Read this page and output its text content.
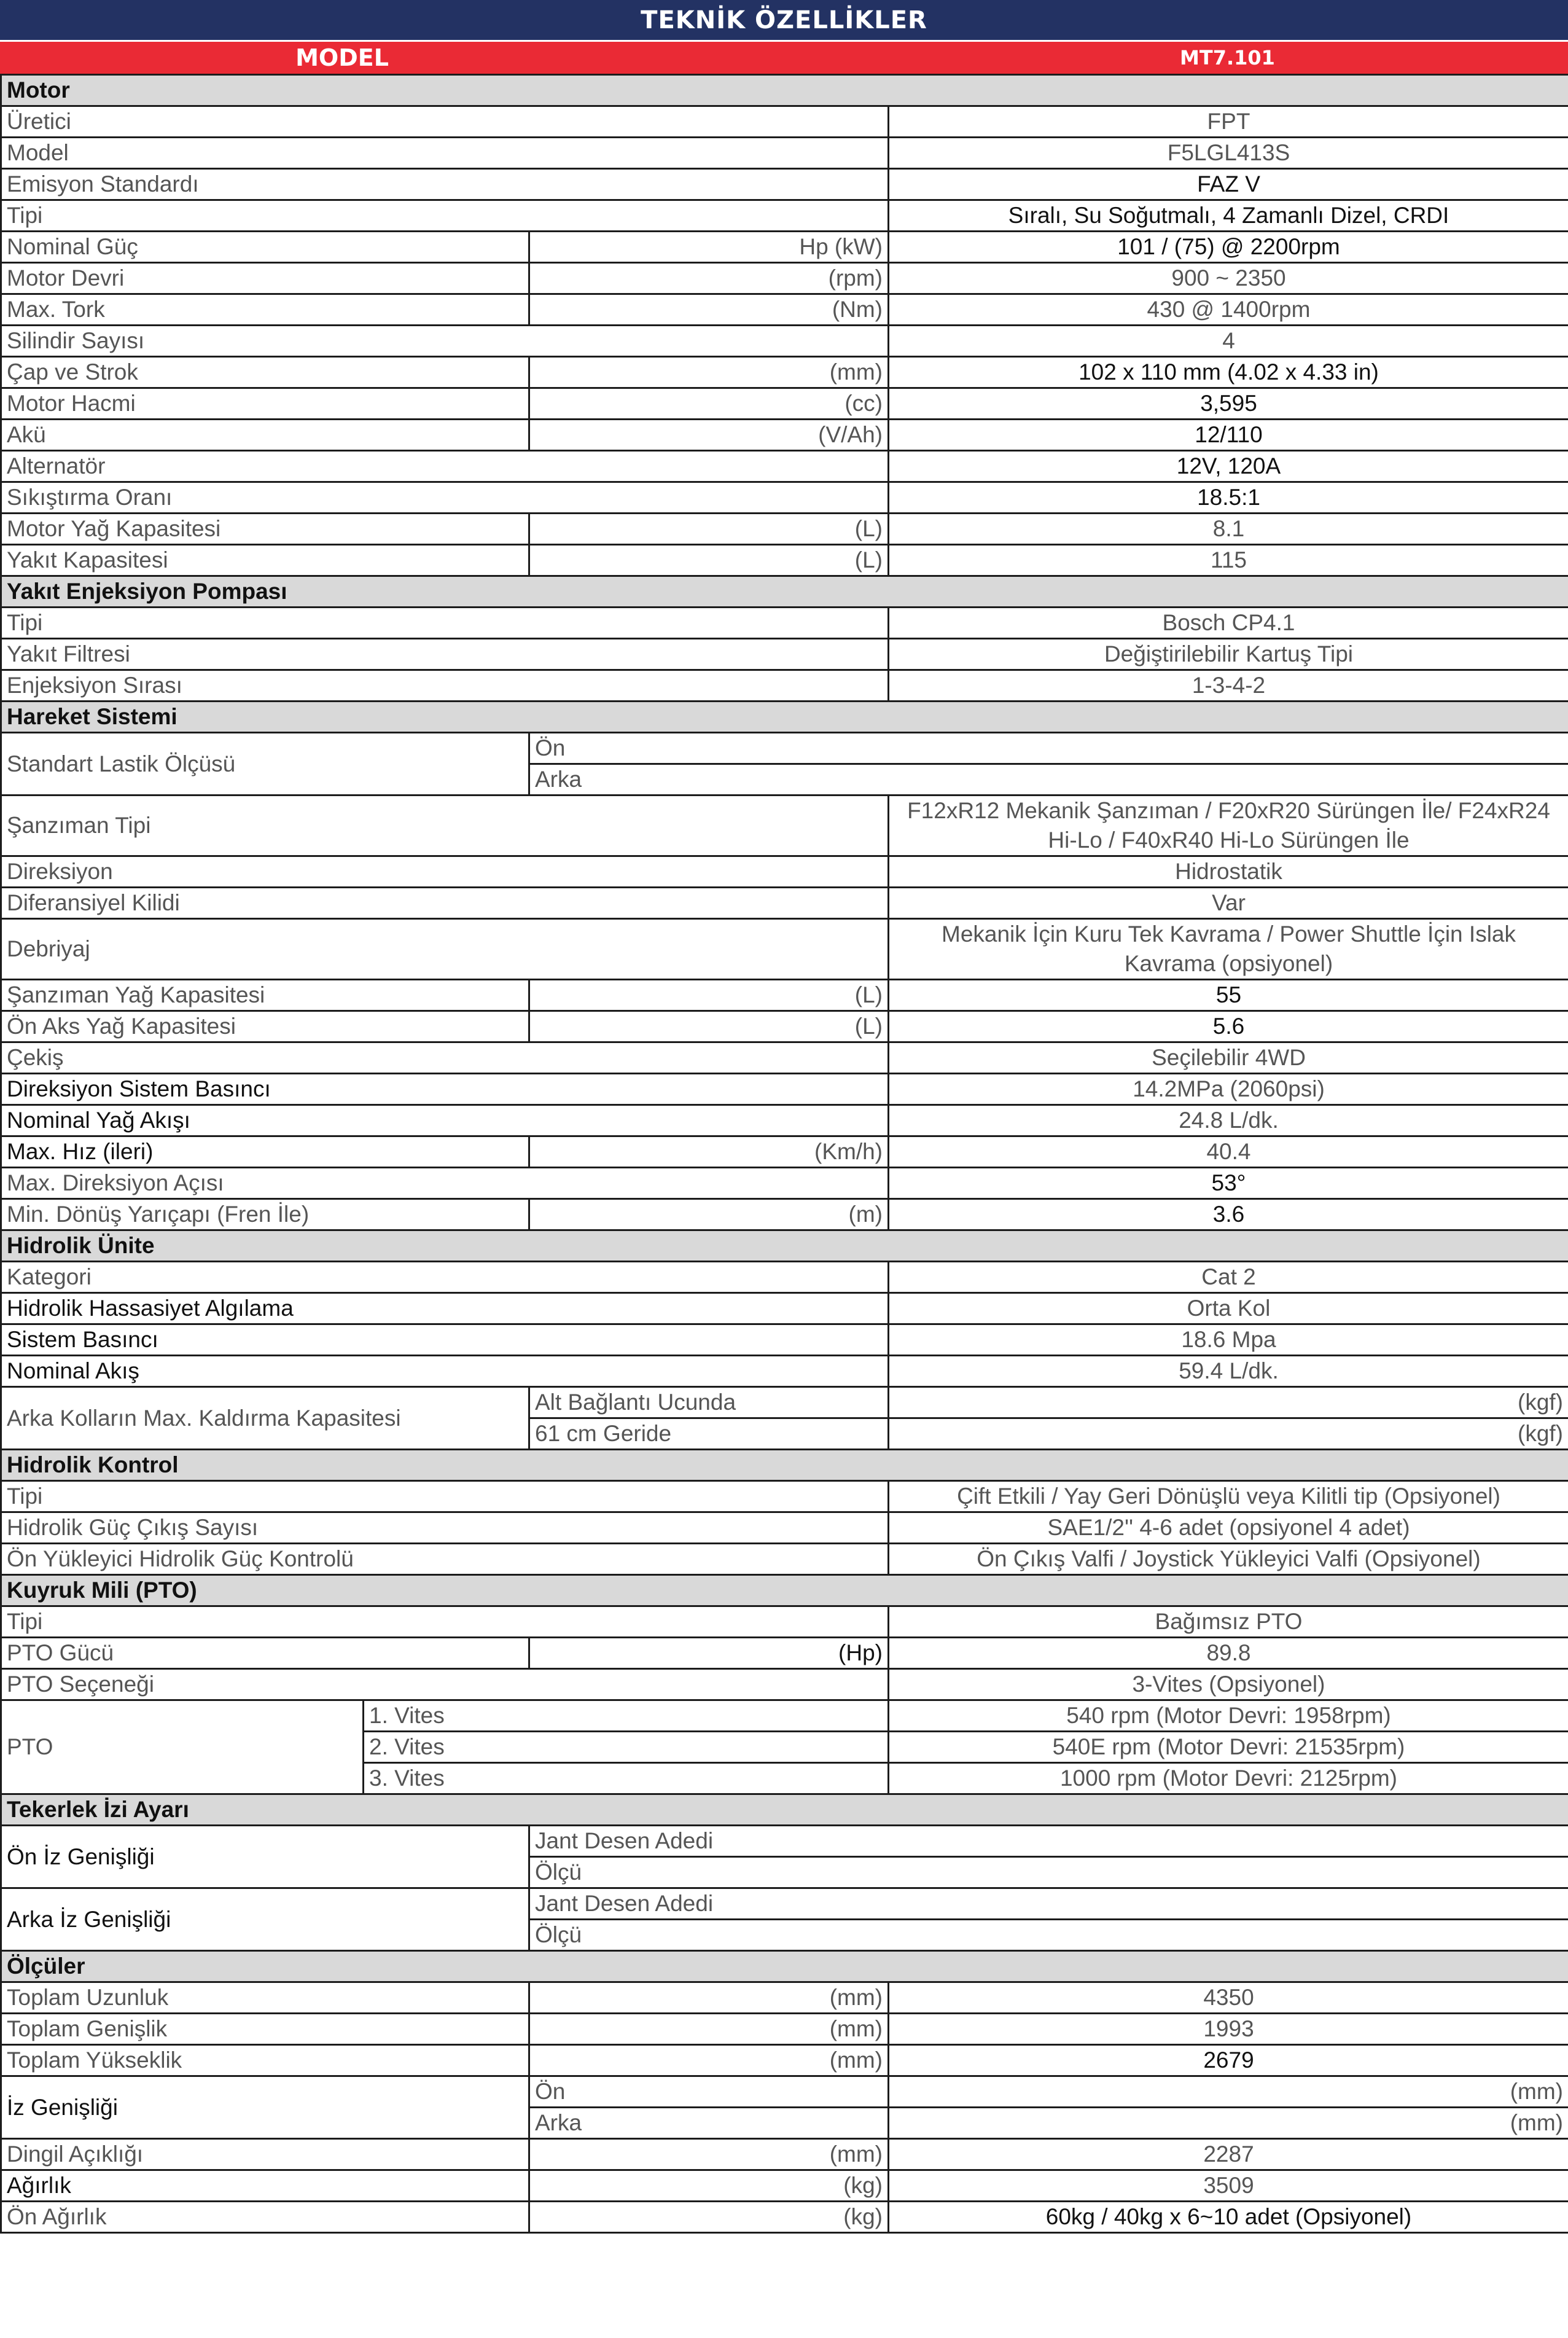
TEKNİK ÖZELLİKLER
MODEL	MT7.101
Motor				
Üretici			FPT	
Model			F5LGL413S	
Emisyon Standardı			FAZ V	
Tipi			Sıralı, Su Soğutmalı, 4 Zamanlı Dizel, CRDI	
Nominal Güç		Hp (kW)	101 / (75) @ 2200rpm	
Motor Devri		(rpm)	900 ~ 2350	
Max. Tork		(Nm)	430 @ 1400rpm	
Silindir Sayısı			4	
Çap ve Strok		(mm)	102 x 110 mm (4.02 x 4.33 in)	
Motor Hacmi		(cc)	3,595	
Akü		(V/Ah)	12/110	
Alternatör			12V, 120A	
Sıkıştırma Oranı			18.5:1	
Motor Yağ Kapasitesi		(L)	8.1	
Yakıt Kapasitesi		(L)	115	
Yakıt Enjeksiyon Pompası				
Tipi			Bosch CP4.1	
Yakıt Filtresi			Değiştirilebilir Kartuş Tipi	
Enjeksiyon Sırası			1-3-4-2	
Hareket Sistemi				
Standart Lastik Ölçüsü		Ön	
		Arka	
Şanzıman Tipi			F12xR12 Mekanik Şanzıman / F20xR20 Sürüngen İle/ F24xR24 Hi-Lo / F40xR40 Hi-Lo Sürüngen İle	
Direksiyon			Hidrostatik	
Diferansiyel Kilidi			Var	
Debriyaj			Mekanik İçin Kuru Tek Kavrama / Power Shuttle İçin Islak Kavrama (opsiyonel)	
Şanzıman Yağ Kapasitesi		(L)	55	
Ön Aks Yağ Kapasitesi		(L)	5.6	
Çekiş			Seçilebilir 4WD	
Direksiyon Sistem Basıncı			14.2MPa (2060psi)	
Nominal Yağ Akışı			24.8 L/dk.	
Max. Hız (ileri)		(Km/h)	40.4	
Max. Direksiyon Açısı			53°	
Min. Dönüş Yarıçapı (Fren İle)		(m)	3.6	
Hidrolik Ünite				
Kategori			Cat 2	
Hidrolik Hassasiyet Algılama			Orta Kol	
Sistem Basıncı			18.6 Mpa	
Nominal Akış			59.4 L/dk.	
Arka Kolların Max. Kaldırma Kapasitesi		Alt Bağlantı Ucunda	(kgf)	
		61 cm Geride	(kgf)	
Hidrolik Kontrol				
Tipi			Çift Etkili / Yay Geri Dönüşlü veya Kilitli tip (Opsiyonel)	
Hidrolik Güç Çıkış Sayısı			SAE1/2'' 4-6 adet (opsiyonel 4 adet)	
Ön Yükleyici Hidrolik Güç Kontrolü			Ön Çıkış Valfi / Joystick Yükleyici Valfi (Opsiyonel)	
Kuyruk Mili (PTO)				
Tipi			Bağımsız PTO	
PTO Gücü		(Hp)	89.8	
PTO Seçeneği			3-Vites (Opsiyonel)	
PTO	1. Vites		540 rpm (Motor Devri: 1958rpm)	
	2. Vites		540E rpm (Motor Devri: 21535rpm)	
	3. Vites		1000 rpm (Motor Devri: 2125rpm)	
Tekerlek İzi Ayarı				
Ön İz Genişliği		Jant Desen Adedi	
		Ölçü	
Arka İz Genişliği		Jant Desen Adedi	
		Ölçü	
Ölçüler				
Toplam Uzunluk		(mm)	4350	
Toplam Genişlik		(mm)	1993	
Toplam Yükseklik		(mm)	2679	
İz Genişliği		Ön	(mm)	
		Arka	(mm)	
Dingil Açıklığı		(mm)	2287	
Ağırlık		(kg)	3509	
Ön Ağırlık		(kg)	60kg / 40kg x 6~10 adet (Opsiyonel)	
